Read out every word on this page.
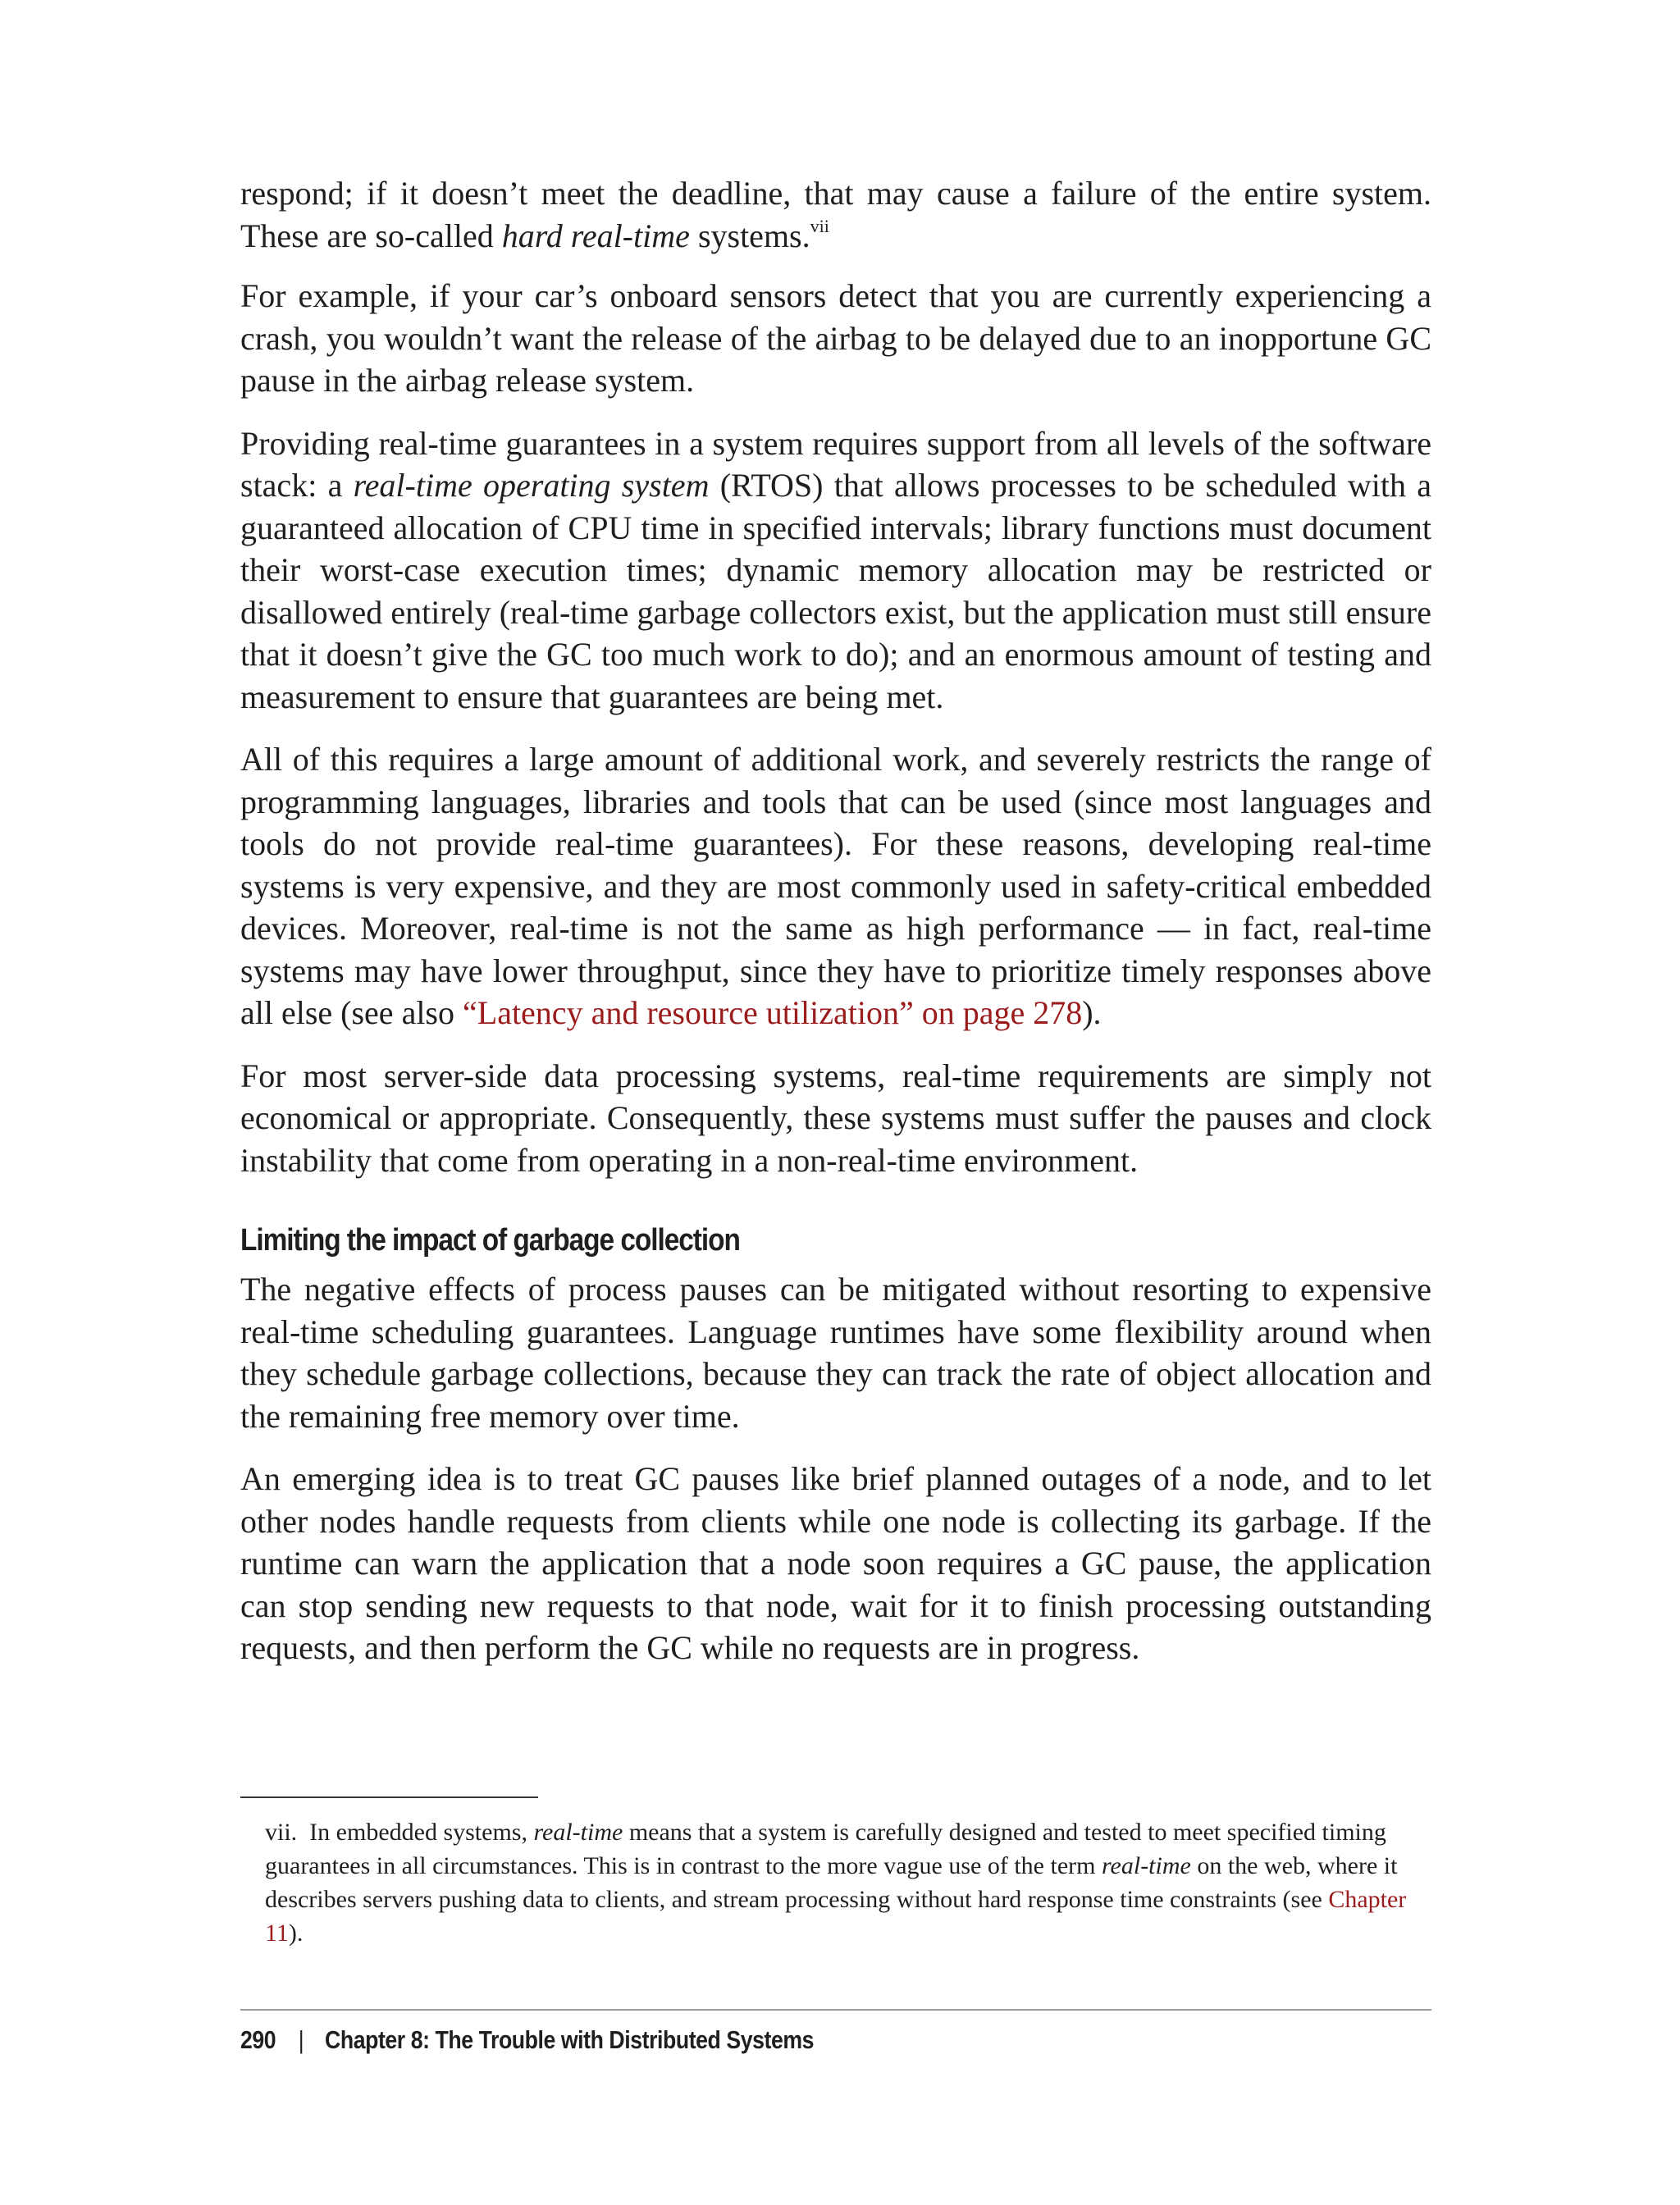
respond; if it doesn’t meet the deadline, that may cause a failure of the entire system. These are so-called hard real-time systems.$^{vii}$

For example, if your car’s onboard sensors detect that you are currently experiencing a crash, you wouldn’t want the release of the airbag to be delayed due to an inopportune GC pause in the airbag release system.

Providing real-time guarantees in a system requires support from all levels of the software stack: a real-time operating system (RTOS) that allows processes to be scheduled with a guaranteed allocation of CPU time in specified intervals; library functions must document their worst-case execution times; dynamic memory allocation may be restricted or disallowed entirely (real-time garbage collectors exist, but the application must still ensure that it doesn’t give the GC too much work to do); and an enormous amount of testing and measurement to ensure that guarantees are being met.

All of this requires a large amount of additional work, and severely restricts the range of programming languages, libraries and tools that can be used (since most languages and tools do not provide real-time guarantees). For these reasons, developing real-time systems is very expensive, and they are most commonly used in safety-critical embedded devices. Moreover, real-time is not the same as high performance — in fact, real-time systems may have lower throughput, since they have to prioritize timely responses above all else (see also “Latency and resource utilization” on page 278).

For most server-side data processing systems, real-time requirements are simply not economical or appropriate. Consequently, these systems must suffer the pauses and clock instability that come from operating in a non-real-time environment.

Limiting the impact of garbage collection

The negative effects of process pauses can be mitigated without resorting to expensive real-time scheduling guarantees. Language runtimes have some flexibility around when they schedule garbage collections, because they can track the rate of object allocation and the remaining free memory over time.

An emerging idea is to treat GC pauses like brief planned outages of a node, and to let other nodes handle requests from clients while one node is collecting its garbage. If the runtime can warn the application that a node soon requires a GC pause, the application can stop sending new requests to that node, wait for it to finish processing outstanding requests, and then perform the GC while no requests are in progress.

vii. In embedded systems, real-time means that a system is carefully designed and tested to meet specified timing guarantees in all circumstances. This is in contrast to the more vague use of the term real-time on the web, where it describes servers pushing data to clients, and stream processing without hard response time constraints (see Chapter 11).

290 | Chapter 8: The Trouble with Distributed Systems
